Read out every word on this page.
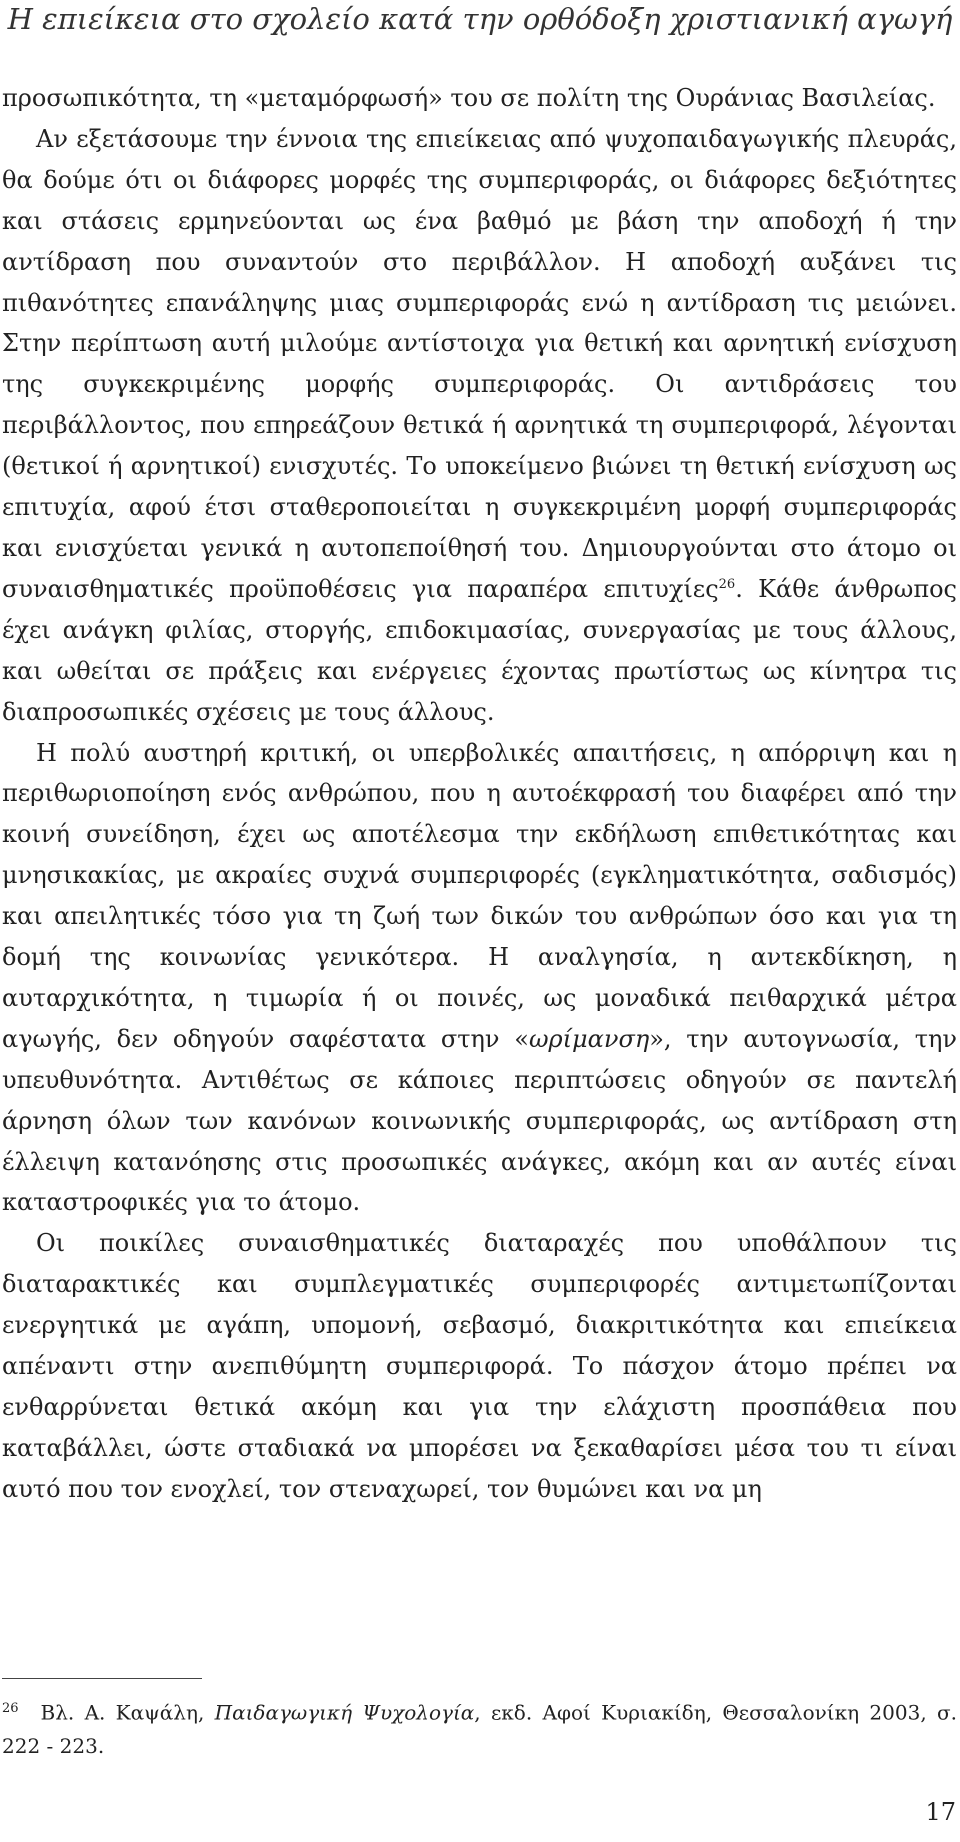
Η επιείκεια στο σχολείο κατά την ορθόδοξη χριστιανική αγωγή

προσωπικότητα, τη «μεταμόρφωσή» του σε πολίτη της Ουράνιας Βασιλείας.

Αν εξετάσουμε την έννοια της επιείκειας από ψυχοπαιδαγωγικής πλευράς, θα δούμε ότι οι διάφορες μορφές της συμπεριφοράς, οι διάφορες δεξιότητες και στάσεις ερμηνεύονται ως ένα βαθμό με βάση την αποδοχή ή την αντίδραση που συναντούν στο περιβάλλον. Η αποδοχή αυξάνει τις πιθανότητες επανάληψης μιας συμπεριφοράς ενώ η αντίδραση τις μειώνει. Στην περίπτωση αυτή μιλούμε αντίστοιχα για θετική και αρνητική ενίσχυση της συγκεκριμένης μορφής συμπεριφοράς. Οι αντιδράσεις του περιβάλλοντος, που επηρεάζουν θετικά ή αρνητικά τη συμπεριφορά, λέγονται (θετικοί ή αρνητικοί) ενισχυτές. Το υποκείμενο βιώνει τη θετική ενίσχυση ως επιτυχία, αφού έτσι σταθεροποιείται η συγκεκριμένη μορφή συμπεριφοράς και ενισχύεται γενικά η αυτοπεποίθησή του. Δημιουργούνται στο άτομο οι συναισθηματικές προϋποθέσεις για παραπέρα επιτυχίες$^{26}$. Κάθε άνθρωπος έχει ανάγκη φιλίας, στοργής, επιδοκιμασίας, συνεργασίας με τους άλλους, και ωθείται σε πράξεις και ενέργειες έχοντας πρωτίστως ως κίνητρα τις διαπροσωπικές σχέσεις με τους άλλους.

Η πολύ αυστηρή κριτική, οι υπερβολικές απαιτήσεις, η απόρριψη και η περιθωριοποίηση ενός ανθρώπου, που η αυτοέκφρασή του διαφέρει από την κοινή συνείδηση, έχει ως αποτέλεσμα την εκδήλωση επιθετικότητας και μνησικακίας, με ακραίες συχνά συμπεριφορές (εγκληματικότητα, σαδισμός) και απειλητικές τόσο για τη ζωή των δικών του ανθρώπων όσο και για τη δομή της κοινωνίας γενικότερα. Η αναλγησία, η αντεκδίκηση, η αυταρχικότητα, η τιμωρία ή οι ποινές, ως μοναδικά πειθαρχικά μέτρα αγωγής, δεν οδηγούν σαφέστατα στην «ωρίμανση», την αυτογνωσία, την υπευθυνότητα. Αντιθέτως σε κάποιες περιπτώσεις οδηγούν σε παντελή άρνηση όλων των κανόνων κοινωνικής συμπεριφοράς, ως αντίδραση στη έλλειψη κατανόησης στις προσωπικές ανάγκες, ακόμη και αν αυτές είναι καταστροφικές για το άτομο.

Οι ποικίλες συναισθηματικές διαταραχές που υποθάλπουν τις διαταρακτικές και συμπλεγματικές συμπεριφορές αντιμετωπίζονται ενεργητικά με αγάπη, υπομονή, σεβασμό, διακριτικότητα και επιείκεια απέναντι στην ανεπιθύμητη συμπεριφορά. Το πάσχον άτομο πρέπει να ενθαρρύνεται θετικά ακόμη και για την ελάχιστη προσπάθεια που καταβάλλει, ώστε σταδιακά να μπορέσει να ξεκαθαρίσει μέσα του τι είναι αυτό που τον ενοχλεί, τον στεναχωρεί, τον θυμώνει και να μη

$^{26}$ Βλ. Α. Καψάλη, Παιδαγωγική Ψυχολογία, εκδ. Αφοί Κυριακίδη, Θεσσαλονίκη 2003, σ. 222 - 223.
17
